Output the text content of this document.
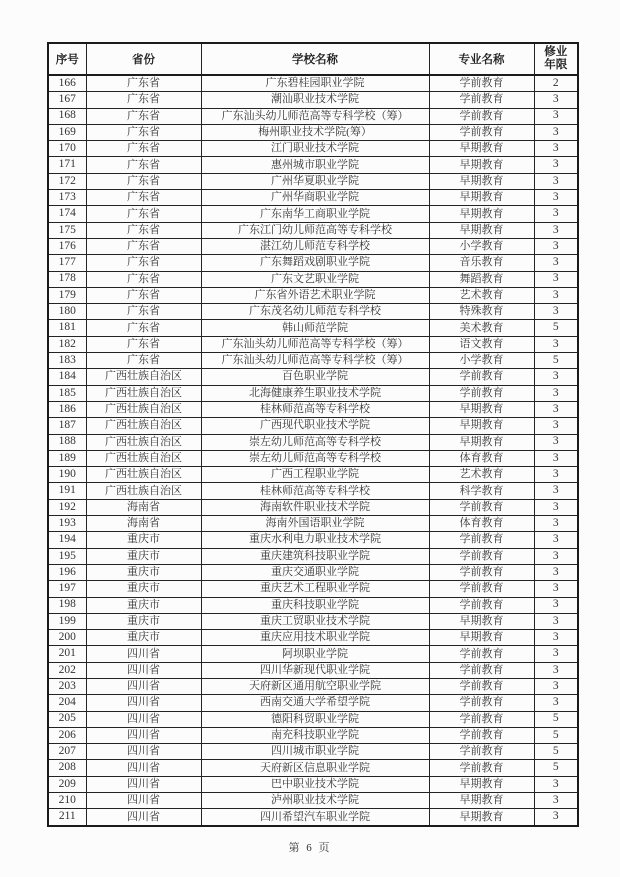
序号	省份	学校名称	专业名称	修业年限
166	广东省	广东碧桂园职业学院	学前教育	2
167	广东省	潮汕职业技术学院	学前教育	3
168	广东省	广东汕头幼儿师范高等专科学校（筹）	学前教育	3
169	广东省	梅州职业技术学院(筹）	学前教育	3
170	广东省	江门职业技术学院	早期教育	3
171	广东省	惠州城市职业学院	早期教育	3
172	广东省	广州华夏职业学院	早期教育	3
173	广东省	广州华商职业学院	早期教育	3
174	广东省	广东南华工商职业学院	早期教育	3
175	广东省	广东江门幼儿师范高等专科学校	早期教育	3
176	广东省	湛江幼儿师范专科学校	小学教育	3
177	广东省	广东舞蹈戏剧职业学院	音乐教育	3
178	广东省	广东文艺职业学院	舞蹈教育	3
179	广东省	广东省外语艺术职业学院	艺术教育	3
180	广东省	广东茂名幼儿师范专科学校	特殊教育	3
181	广东省	韩山师范学院	美术教育	5
182	广东省	广东汕头幼儿师范高等专科学校（筹）	语文教育	3
183	广东省	广东汕头幼儿师范高等专科学校（筹）	小学教育	5
184	广西壮族自治区	百色职业学院	学前教育	3
185	广西壮族自治区	北海健康养生职业技术学院	学前教育	3
186	广西壮族自治区	桂林师范高等专科学校	早期教育	3
187	广西壮族自治区	广西现代职业技术学院	早期教育	3
188	广西壮族自治区	崇左幼儿师范高等专科学校	早期教育	3
189	广西壮族自治区	崇左幼儿师范高等专科学校	体育教育	3
190	广西壮族自治区	广西工程职业学院	艺术教育	3
191	广西壮族自治区	桂林师范高等专科学校	科学教育	3
192	海南省	海南软件职业技术学院	学前教育	3
193	海南省	海南外国语职业学院	体育教育	3
194	重庆市	重庆水利电力职业技术学院	学前教育	3
195	重庆市	重庆建筑科技职业学院	学前教育	3
196	重庆市	重庆交通职业学院	学前教育	3
197	重庆市	重庆艺术工程职业学院	学前教育	3
198	重庆市	重庆科技职业学院	学前教育	3
199	重庆市	重庆工贸职业技术学院	早期教育	3
200	重庆市	重庆应用技术职业学院	早期教育	3
201	四川省	阿坝职业学院	学前教育	3
202	四川省	四川华新现代职业学院	学前教育	3
203	四川省	天府新区通用航空职业学院	学前教育	3
204	四川省	西南交通大学希望学院	学前教育	3
205	四川省	德阳科贸职业学院	学前教育	5
206	四川省	南充科技职业学院	学前教育	5
207	四川省	四川城市职业学院	学前教育	5
208	四川省	天府新区信息职业学院	学前教育	5
209	四川省	巴中职业技术学院	早期教育	3
210	四川省	泸州职业技术学院	早期教育	3
211	四川省	四川希望汽车职业学院	早期教育	3
第 6 页
